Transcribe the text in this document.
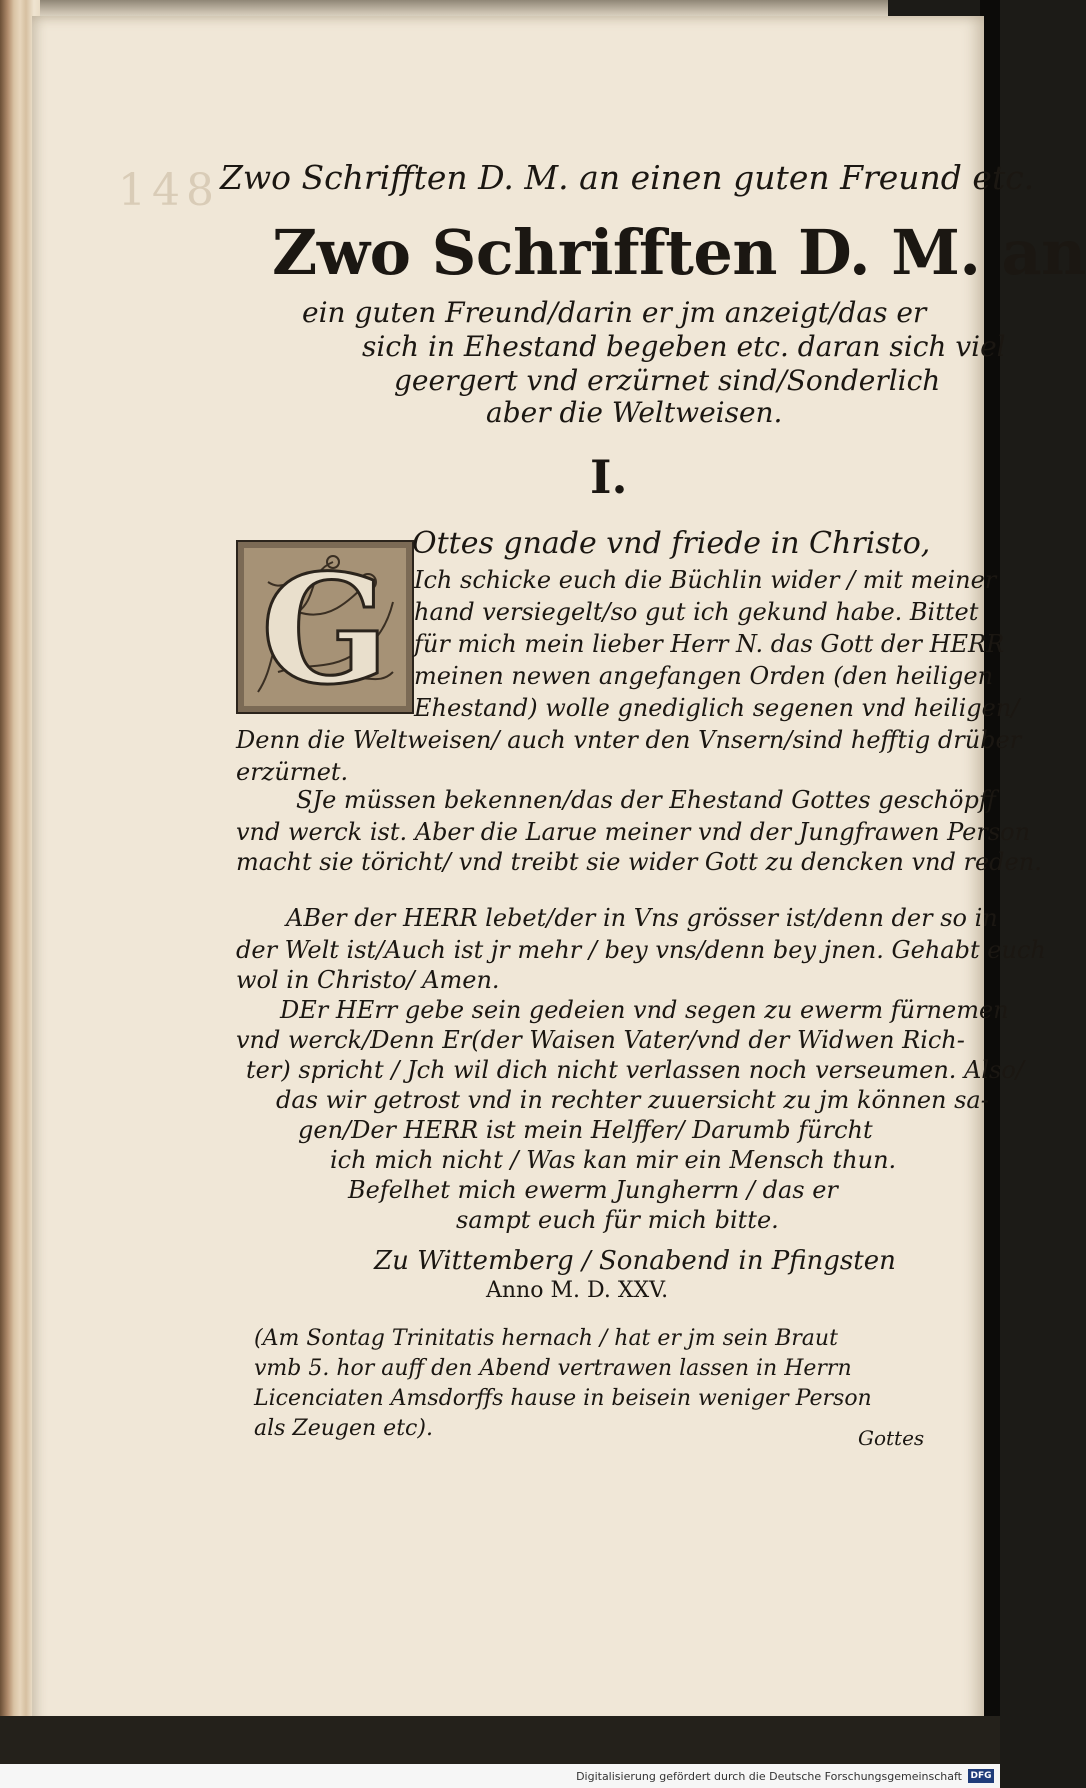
148 Zwo Schrifften D. M. an einen guten Freund etc.
Zwo Schrifften D. M. an
ein guten Freund/darin er jm anzeigt/das er
sich in Ehestand begeben etc. daran sich viel
geergert vnd erzürnet sind/Sonderlich
aber die Weltweisen.
I.
G Ottes gnade vnd friede in Christo,
Ich schicke euch die Büchlin wider / mit meiner
hand versiegelt/so gut ich gekund habe. Bittet
für mich mein lieber Herr N. das Gott der HERR
meinen newen angefangen Orden (den heiligen
Ehestand) wolle gnediglich segenen vnd heiligen/
Denn die Weltweisen/ auch vnter den Vnsern/sind hefftig drüber
erzürnet.
SJe müssen bekennen/das der Ehestand Gottes geschöpff
vnd werck ist. Aber die Larue meiner vnd der Jungfrawen Person
macht sie töricht/ vnd treibt sie wider Gott zu dencken vnd reden.
ABer der HERR lebet/der in Vns grösser ist/denn der so in
der Welt ist/Auch ist jr mehr / bey vns/denn bey jnen. Gehabt euch
wol in Christo/ Amen.
DEr HErr gebe sein gedeien vnd segen zu ewerm fürnemen
vnd werck/Denn Er(der Waisen Vater/vnd der Widwen Rich-
ter) spricht / Jch wil dich nicht verlassen noch verseumen. Also/
das wir getrost vnd in rechter zuuersicht zu jm können sa-
gen/Der HERR ist mein Helffer/ Darumb fürcht
ich mich nicht / Was kan mir ein Mensch thun.
Befelhet mich ewerm Jungherrn / das er
sampt euch für mich bitte.
Zu Wittemberg / Sonabend in Pfingsten
Anno M. D. XXV.
(Am Sontag Trinitatis hernach / hat er jm sein Braut
vmb 5. hor auff den Abend vertrawen lassen in Herrn
Licenciaten Amsdorffs hause in beisein weniger Person
als Zeugen etc).	Gottes
Digitalisierung gefördert durch die Deutsche Forschungsgemeinschaft DFG
